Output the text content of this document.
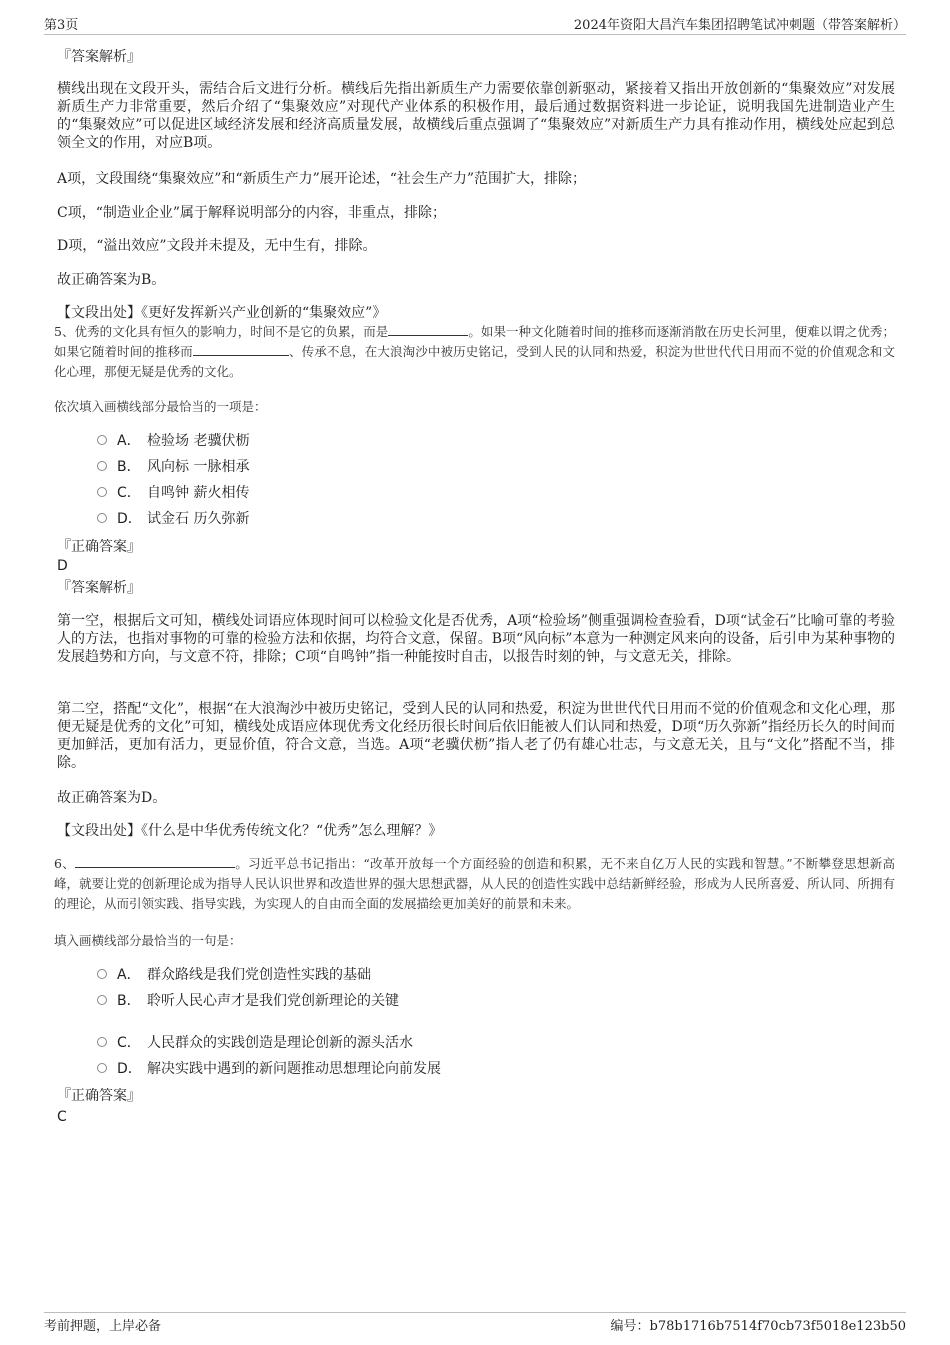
第3页	2024年资阳大昌汽车集团招聘笔试冲刺题（带答案解析）
『答案解析』
横线出现在文段开头，需结合后文进行分析。横线后先指出新质生产力需要依靠创新驱动，紧接着又指出开放创新的“集聚效应”对发展新质生产力非常重要，然后介绍了“集聚效应”对现代产业体系的积极作用，最后通过数据资料进一步论证，说明我国先进制造业产生的“集聚效应”可以促进区域经济发展和经济高质量发展，故横线后重点强调了“集聚效应”对新质生产力具有推动作用，横线处应起到总领全文的作用，对应B项。
A项，文段围绕“集聚效应”和“新质生产力”展开论述，“社会生产力”范围扩大，排除；
C项，“制造业企业”属于解释说明部分的内容，非重点，排除；
D项，“溢出效应”文段并未提及，无中生有，排除。
故正确答案为B。
【文段出处】《更好发挥新兴产业创新的“集聚效应”》
5、优秀的文化具有恒久的影响力，时间不是它的负累，而是	。如果一种文化随着时间的推移而逐渐消散在历史长河里，便难以谓之优秀；如果它随着时间的推移而	、传承不息，在大浪淘沙中被历史铭记，受到人民的认同和热爱，积淀为世世代代日用而不觉的价值观念和文化心理，那便无疑是优秀的文化。
依次填入画横线部分最恰当的一项是：
A． 检验场 老骥伏枥
B． 风向标 一脉相承
C． 自鸣钟 薪火相传
D． 试金石 历久弥新
『正确答案』
D
『答案解析』
第一空，根据后文可知，横线处词语应体现时间可以检验文化是否优秀，A项“检验场”侧重强调检查验看，D项“试金石”比喻可靠的考验人的方法，也指对事物的可靠的检验方法和依据，均符合文意，保留。B项“风向标”本意为一种测定风来向的设备，后引申为某种事物的发展趋势和方向，与文意不符，排除；C项“自鸣钟”指一种能按时自击，以报告时刻的钟，与文意无关，排除。
第二空，搭配“文化”，根据“在大浪淘沙中被历史铭记，受到人民的认同和热爱，积淀为世世代代日用而不觉的价值观念和文化心理，那便无疑是优秀的文化”可知，横线处成语应体现优秀文化经历很长时间后依旧能被人们认同和热爱，D项“历久弥新”指经历长久的时间而更加鲜活，更加有活力，更显价值，符合文意，当选。A项“老骥伏枥”指人老了仍有雄心壮志，与文意无关，且与“文化”搭配不当，排除。
故正确答案为D。
【文段出处】《什么是中华优秀传统文化？“优秀”怎么理解？》
6、	。习近平总书记指出：“改革开放每一个方面经验的创造和积累，无不来自亿万人民的实践和智慧。”不断攀登思想新高峰，就要让党的创新理论成为指导人民认识世界和改造世界的强大思想武器，从人民的创造性实践中总结新鲜经验，形成为人民所喜爱、所认同、所拥有的理论，从而引领实践、指导实践，为实现人的自由而全面的发展描绘更加美好的前景和未来。
填入画横线部分最恰当的一句是：
A． 群众路线是我们党创造性实践的基础
B． 聆听人民心声才是我们党创新理论的关键
C． 人民群众的实践创造是理论创新的源头活水
D． 解决实践中遇到的新问题推动思想理论向前发展
『正确答案』
C
考前押题，上岸必备	编号：b78b1716b7514f70cb73f5018e123b50
